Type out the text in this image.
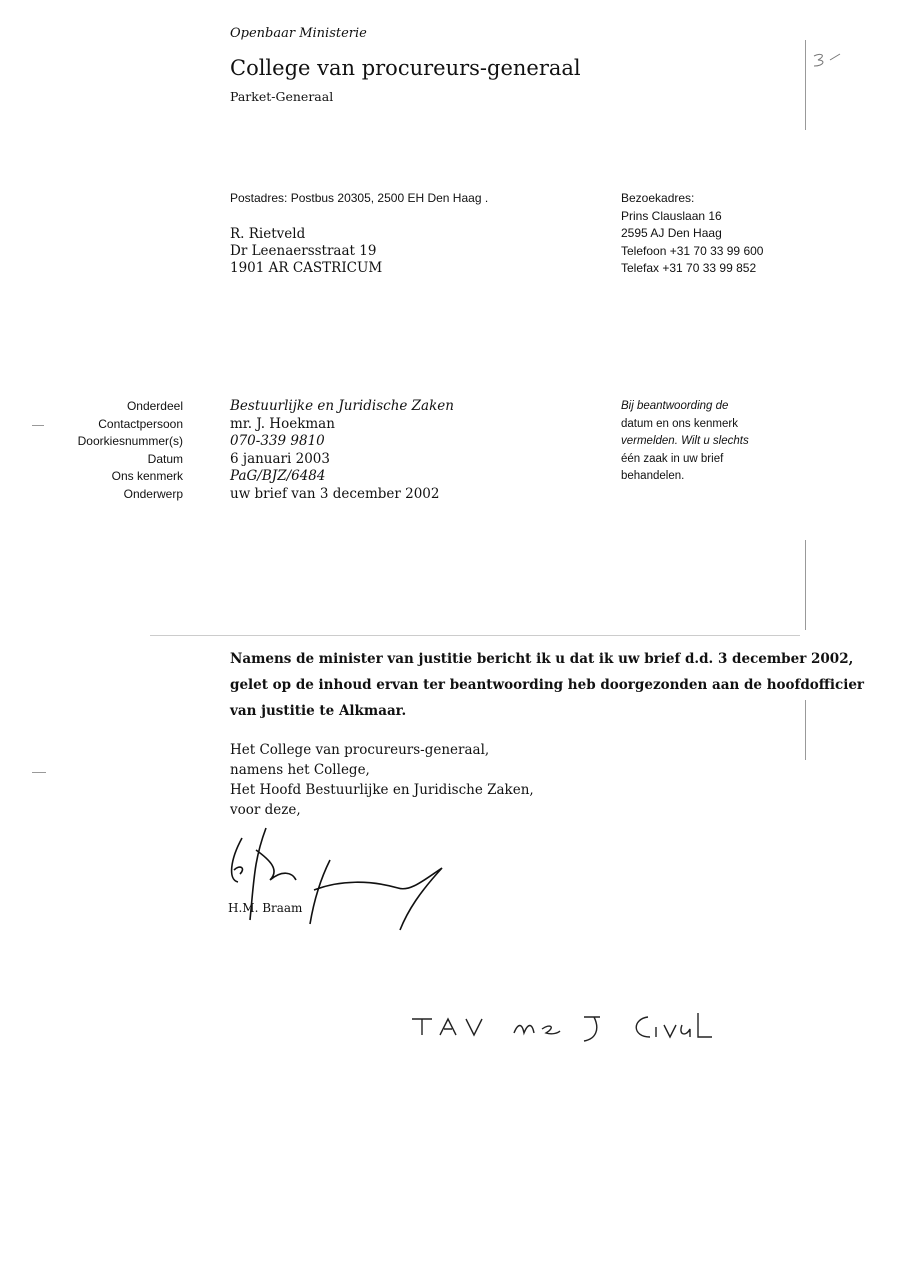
Openbaar Ministerie
College van procureurs-generaal
Parket-Generaal
Postadres: Postbus 20305, 2500 EH Den Haag .
R. Rietveld
Dr Leenaersstraat 19
1901 AR CASTRICUM
Bezoekadres:
Prins Clauslaan 16
2595 AJ Den Haag
Telefoon +31 70 33 99 600
Telefax +31 70 33 99 852
Onderdeel
Contactpersoon
Doorkiesnummer(s)
Datum
Ons kenmerk
Onderwerp
Bestuurlijke en Juridische Zaken
mr. J. Hoekman
070-339 9810
6 januari 2003
PaG/BJZ/6484
uw brief van 3 december 2002
Bij beantwoording de
datum en ons kenmerk
vermelden. Wilt u slechts
één zaak in uw brief
behandelen.
Namens de minister van justitie bericht ik u dat ik uw brief d.d. 3 december 2002, gelet op de inhoud ervan ter beantwoording heb doorgezonden aan de hoofdofficier van justitie te Alkmaar.
Het College van procureurs-generaal,
namens het College,
Het Hoofd Bestuurlijke en Juridische Zaken,
voor deze,
H.M. Braam
